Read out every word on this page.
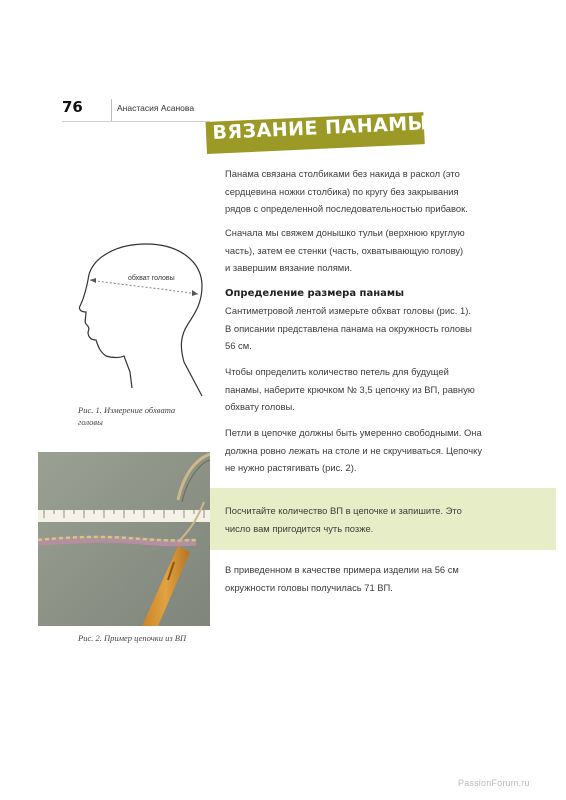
76	Анастасия Асанова
ВЯЗАНИЕ ПАНАМЫ
Панама связана столбиками без накида в раскол (это
сердцевина ножки столбика) по кругу без закрывания
рядов с определенной последовательностью прибавок.
Сначала мы свяжем донышко тульи (верхнюю круглую
часть), затем ее стенки (часть, охватывающую голову)
и завершим вязание полями.
Определение размера панамы
Сантиметровой лентой измерьте обхват головы (рис. 1).
В описании представлена панама на окружность головы
56 см.
Чтобы определить количество петель для будущей
панамы, наберите крючком № 3,5 цепочку из ВП, равную
обхвату головы.
Петли в цепочке должны быть умеренно свободными. Она
должна ровно лежать на столе и не скручиваться. Цепочку
не нужно растягивать (рис. 2).
Посчитайте количество ВП в цепочке и запишите. Это
число вам пригодится чуть позже.
В приведенном в качестве примера изделии на 56 см
окружности головы получилась 71 ВП.
обхват головы
Рис. 1. Измерение обхвата
головы
Рис. 2. Пример цепочки из ВП
PassionForum.ru
